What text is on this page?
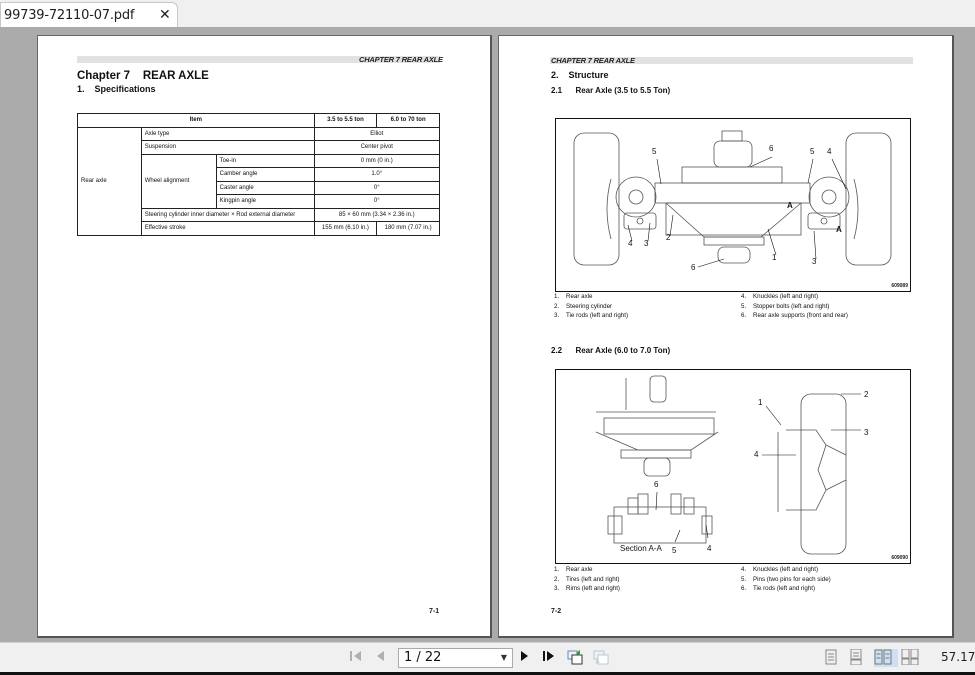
99739-72110-07.pdf ✕
CHAPTER 7 REAR AXLE
Chapter 7    REAR AXLE
1.    Specifications
Item			3.5 to 5.5 ton	6.0 to 70 ton
Rear axle	Axle type		Elliot	
	Suspension		Center pivot	
	Wheel alignment	Toe-in	0 mm (0 in.)	
		Camber angle	1.0°	
		Caster angle	0°	
		Kingpin angle	0°	
	Steering cylinder inner diameter × Rod external diameter		85 × 60 mm (3.34 × 2.36 in.)	
	Effective stroke		155 mm (6.10 in.)	180 mm (7.07 in.)
7-1
CHAPTER 7 REAR AXLE
2.    Structure
2.1      Rear Axle (3.5 to 5.5 Ton)
6
5	5 4
A
A
4 3
2
1	3
6
609089
1. Rear axle
2. Steering cylinder
3. Tie rods (left and right)
4. Knuckles (left and right)
5. Stopper bolts (left and right)
6. Rear axle supports (front and rear)
2.2      Rear Axle (6.0 to 7.0 Ton)
2
1
3
4
6
Section A-A 5	4
609090
1. Rear axle
2. Tires (left and right)
3. Rims (left and right)
4. Knuckles (left and right)
5. Pins (two pins for each side)
6. Tie rods (left and right)
7-2
1 / 22	▼	57.17
